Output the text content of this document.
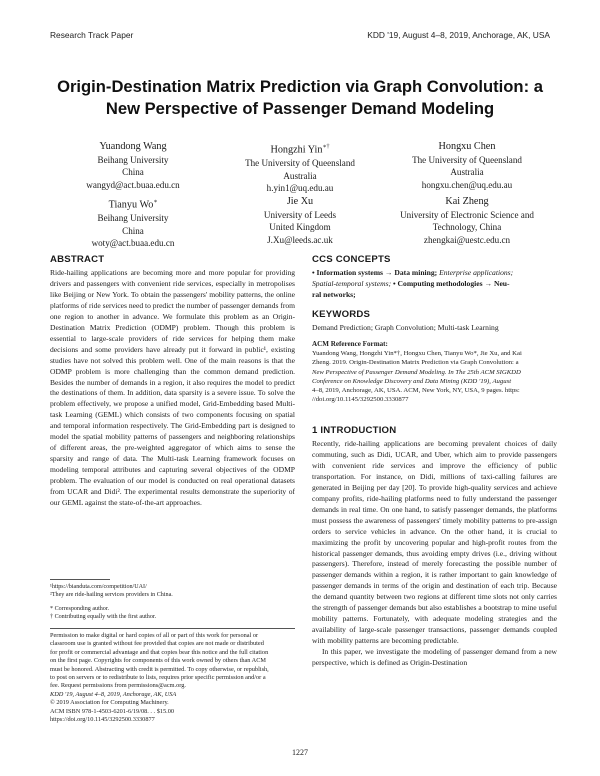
Research Track Paper	KDD '19, August 4–8, 2019, Anchorage, AK, USA
Origin-Destination Matrix Prediction via Graph Convolution: a
New Perspective of Passenger Demand Modeling
Yuandong Wang
Beihang University
China
wangyd@act.buaa.edu.cn
Hongzhi Yin∗†
The University of Queensland
Australia
h.yin1@uq.edu.au
Hongxu Chen
The University of Queensland
Australia
hongxu.chen@uq.edu.au
Tianyu Wo∗
Beihang University
China
woty@act.buaa.edu.cn
Jie Xu
University of Leeds
United Kingdom
J.Xu@leeds.ac.uk
Kai Zheng
University of Electronic Science and
Technology, China
zhengkai@uestc.edu.cn
ABSTRACT
Ride-hailing applications are becoming more and more popular for providing drivers and passengers with convenient ride services, especially in metropolises like Beijing or New York. To obtain the passengers' mobility patterns, the online platforms of ride services need to predict the number of passenger demands from one region to another in advance. We formulate this problem as an Origin-Destination Matrix Prediction (ODMP) problem. Though this problem is essential to large-scale providers of ride services for helping them make decisions and some providers have already put it forward in public¹, existing studies have not solved this problem well. One of the main reasons is that the ODMP problem is more challenging than the common demand prediction. Besides the number of demands in a region, it also requires the model to predict the destinations of them. In addition, data sparsity is a severe issue. To solve the problem effectively, we propose a unified model, Grid-Embedding based Multi-task Learning (GEML) which consists of two components focusing on spatial and temporal information respectively. The Grid-Embedding part is designed to model the spatial mobility patterns of passengers and neighboring relationships of different areas, the pre-weighted aggregator of which aims to sense the sparsity and range of data. The Multi-task Learning framework focuses on modeling temporal attributes and capturing several objectives of the ODMP problem. The evaluation of our model is conducted on real operational datasets from UCAR and Didi². The experimental results demonstrate the superiority of our GEML against the state-of-the-art approaches.
¹https://bianduta.com/competition/UAI/
²They are ride-hailing services providers in China.
* Corresponding author.
† Contributing equally with the first author.
Permission to make digital or hard copies of all or part of this work for personal or
classroom use is granted without fee provided that copies are not made or distributed
for profit or commercial advantage and that copies bear this notice and the full citation
on the first page. Copyrights for components of this work owned by others than ACM
must be honored. Abstracting with credit is permitted. To copy otherwise, or republish,
to post on servers or to redistribute to lists, requires prior specific permission and/or a
fee. Request permissions from permissions@acm.org.
KDD '19, August 4–8, 2019, Anchorage, AK, USA
© 2019 Association for Computing Machinery.
ACM ISBN 978-1-4503-6201-6/19/08. . . $15.00
https://doi.org/10.1145/3292500.3330877
CCS CONCEPTS
• Information systems → Data mining; Enterprise applications;
Spatial-temporal systems; • Computing methodologies → Neu-
ral networks;
KEYWORDS
Demand Prediction; Graph Convolution; Multi-task Learning
ACM Reference Format:
Yuandong Wang, Hongzhi Yin*†, Hongxu Chen, Tianyu Wo*, Jie Xu, and Kai
Zheng. 2019. Origin-Destination Matrix Prediction via Graph Convolution: a
New Perspective of Passenger Demand Modeling. In The 25th ACM SIGKDD
Conference on Knowledge Discovery and Data Mining (KDD '19), August
4–8, 2019, Anchorage, AK, USA. ACM, New York, NY, USA, 9 pages. https:
//doi.org/10.1145/3292500.3330877
1 INTRODUCTION

Recently, ride-hailing applications are becoming prevalent choices of daily commuting, such as Didi, UCAR, and Uber, which aim to provide passengers with convenient ride services and improve the efficiency of public transportation. For instance, on Didi, millions of taxi-calling failures are generated in Beijing per day [20]. To provide high-quality services and achieve company profits, ride-hailing platforms need to fully understand the passenger demands in real time. On one hand, to satisfy passenger demands, the platforms must possess the awareness of passengers' timely mobility patterns to pre-assign orders to service vehicles in advance. On the other hand, it is crucial to maximizing the profit by uncovering popular and high-profit routes from the historical passenger demands, thus avoiding empty drives (i.e., driving without passengers). Therefore, instead of merely forecasting the possible number of passenger demands within a region, it is rather important to gain knowledge of passenger demands in terms of the origin and destination of each trip. Because the demand quantity between two regions at different time slots not only carries the strength of passenger demands but also establishes a bootstrap to mine useful mobility patterns. Fortunately, with adequate modeling strategies and the availability of large-scale passenger transactions, passenger demands coupled with mobility patterns are becoming predictable.

In this paper, we investigate the modeling of passenger demand from a new perspective, which is defined as Origin-Destination

1227
